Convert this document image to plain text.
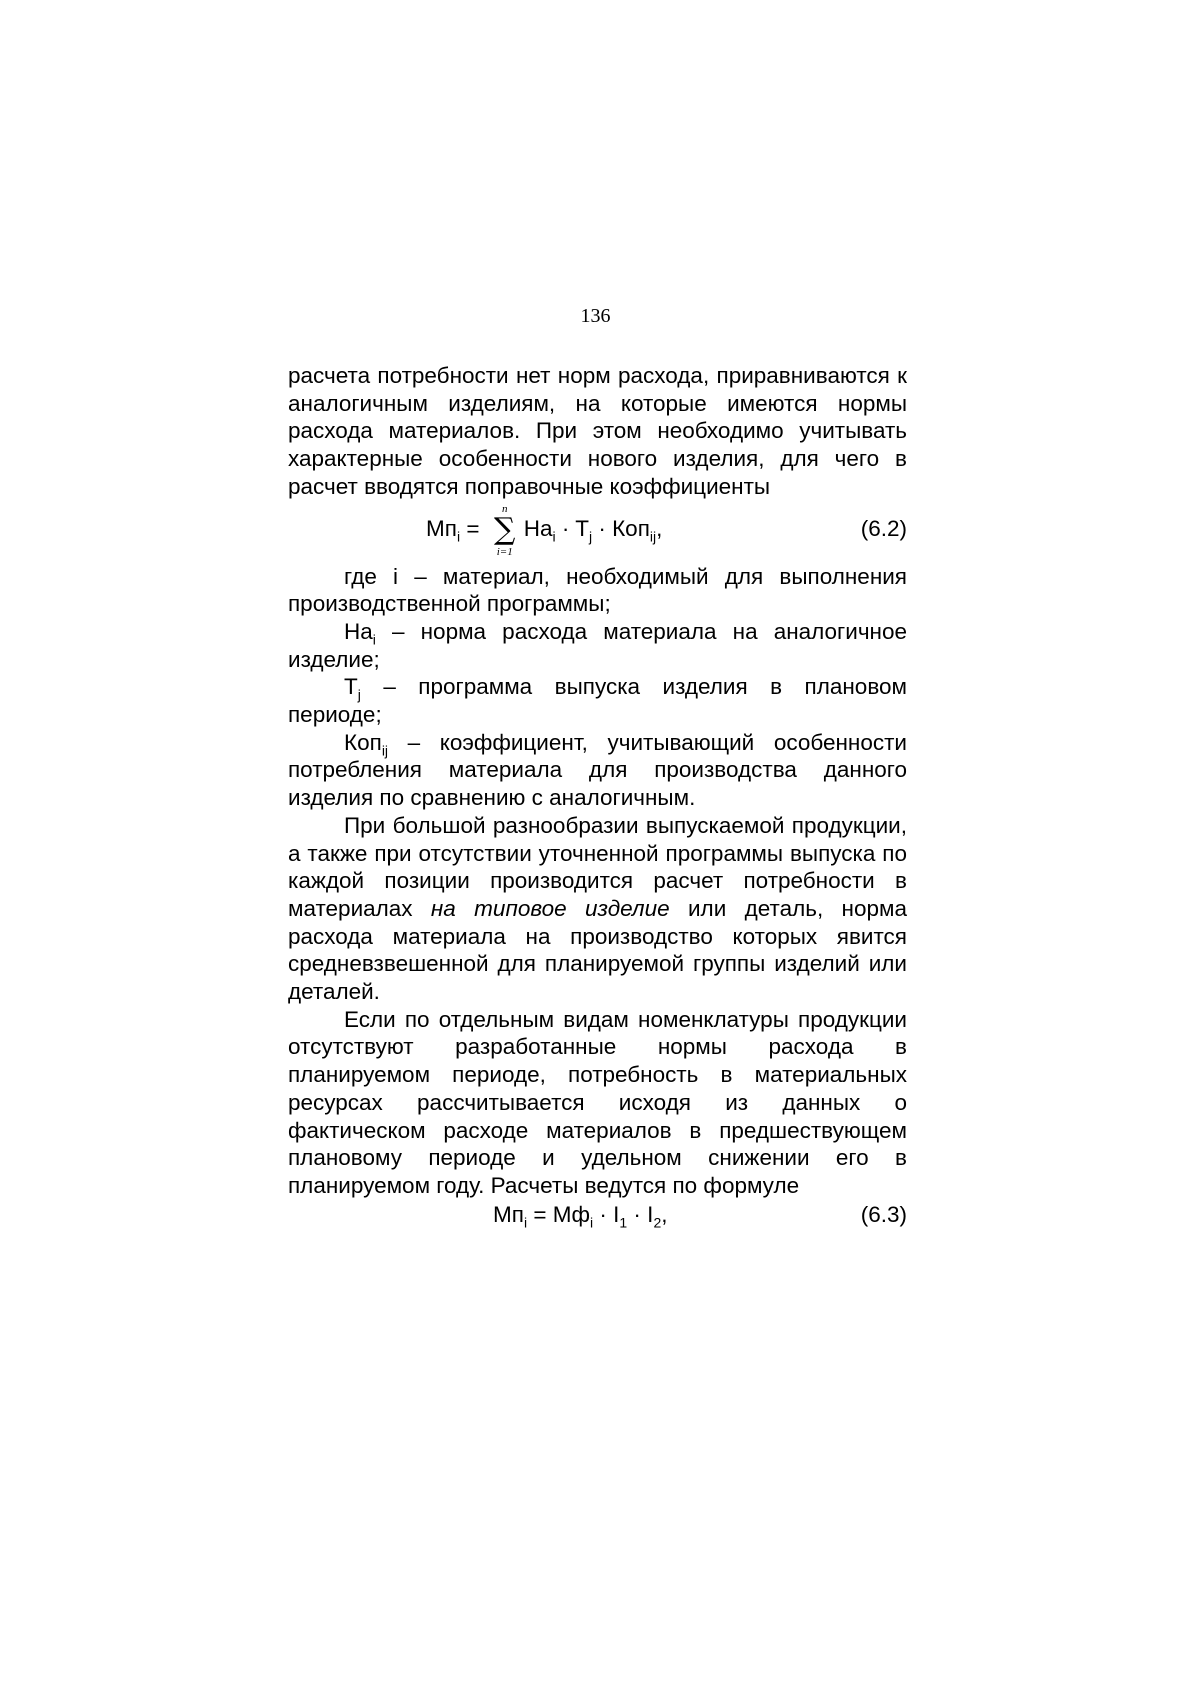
136

расчета потребности нет норм расхода, приравниваются к аналогичным изделиям, на которые имеются нормы расхода материалов. При этом необходимо учитывать характерные особенности нового изделия, для чего в расчет вводятся поправочные коэффициенты

$Мп_i$ =
n
∑
i=1
$На_i \cdot T_j \cdot Коп_{ij}$,	(6.2)

где i – материал, необходимый для выполнения производственной программы;

$На_i$ – норма расхода материала на аналогичное изделие;

$T_j$ – программа выпуска изделия в плановом периоде;

Коп$_{ij}$ – коэффициент, учитывающий особенности потребления материала для производства данного изделия по сравнению с аналогичным.

При большой разнообразии выпускаемой продукции, а также при отсутствии уточненной программы выпуска по каждой позиции производится расчет потребности в материалах на типовое изделие или деталь, норма расхода материала на производство которых явится средневзвешенной для планируемой группы изделий или деталей.

Если по отдельным видам номенклатуры продукции отсутствуют разработанные нормы расхода в планируемом периоде, потребность в материальных ресурсах рассчитывается исходя из данных о фактическом расходе материалов в предшествующем плановому периоде и удельном снижении его в планируемом году. Расчеты ведутся по формуле

$Мп_i = Мф_i \cdot I_1 \cdot I_2$,	(6.3)
